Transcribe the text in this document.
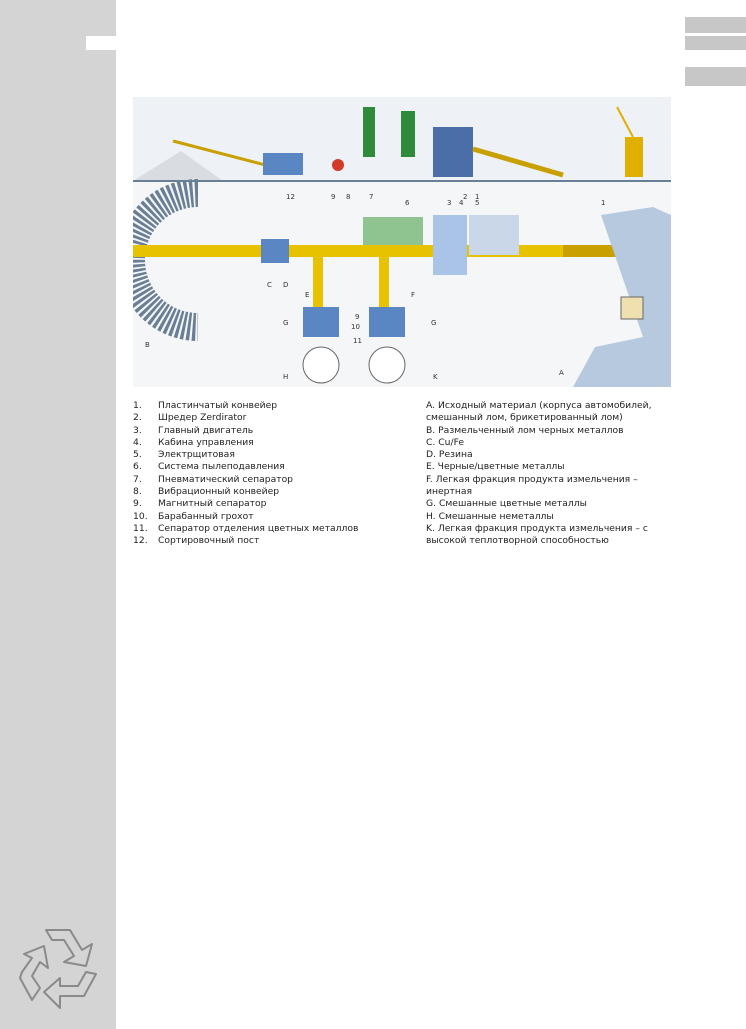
12	9 8	7	2 1
6	3 4 5	1
9
10
11
C D
E	F
G	G
H	K	A
B
1.	Пластинчатый конвейер
2.	Шредер Zerdirator
3.	Главный двигатель
4.	Кабина управления
5.	Электрщитовая
6.	Система пылеподавления
7.	Пневматический сепаратор
8.	Вибрационный конвейер
9.	Магнитный сепаратор
10.	Барабанный грохот
11.	Сепаратор отделения цветных металлов
12.	Сортировочный пост
A. Исходный материал (корпуса автомобилей, смешанный лом, брикетированный лом)
B. Размельченный лом черных металлов
C. Cu/Fe
D. Резина
E. Черные/цветные металлы
F. Легкая фракция продукта измельчения – инертная
G. Смешанные цветные металлы
H. Смешанные неметаллы
K. Легкая фракция продукта измельчения – с высокой теплотворной способностью
